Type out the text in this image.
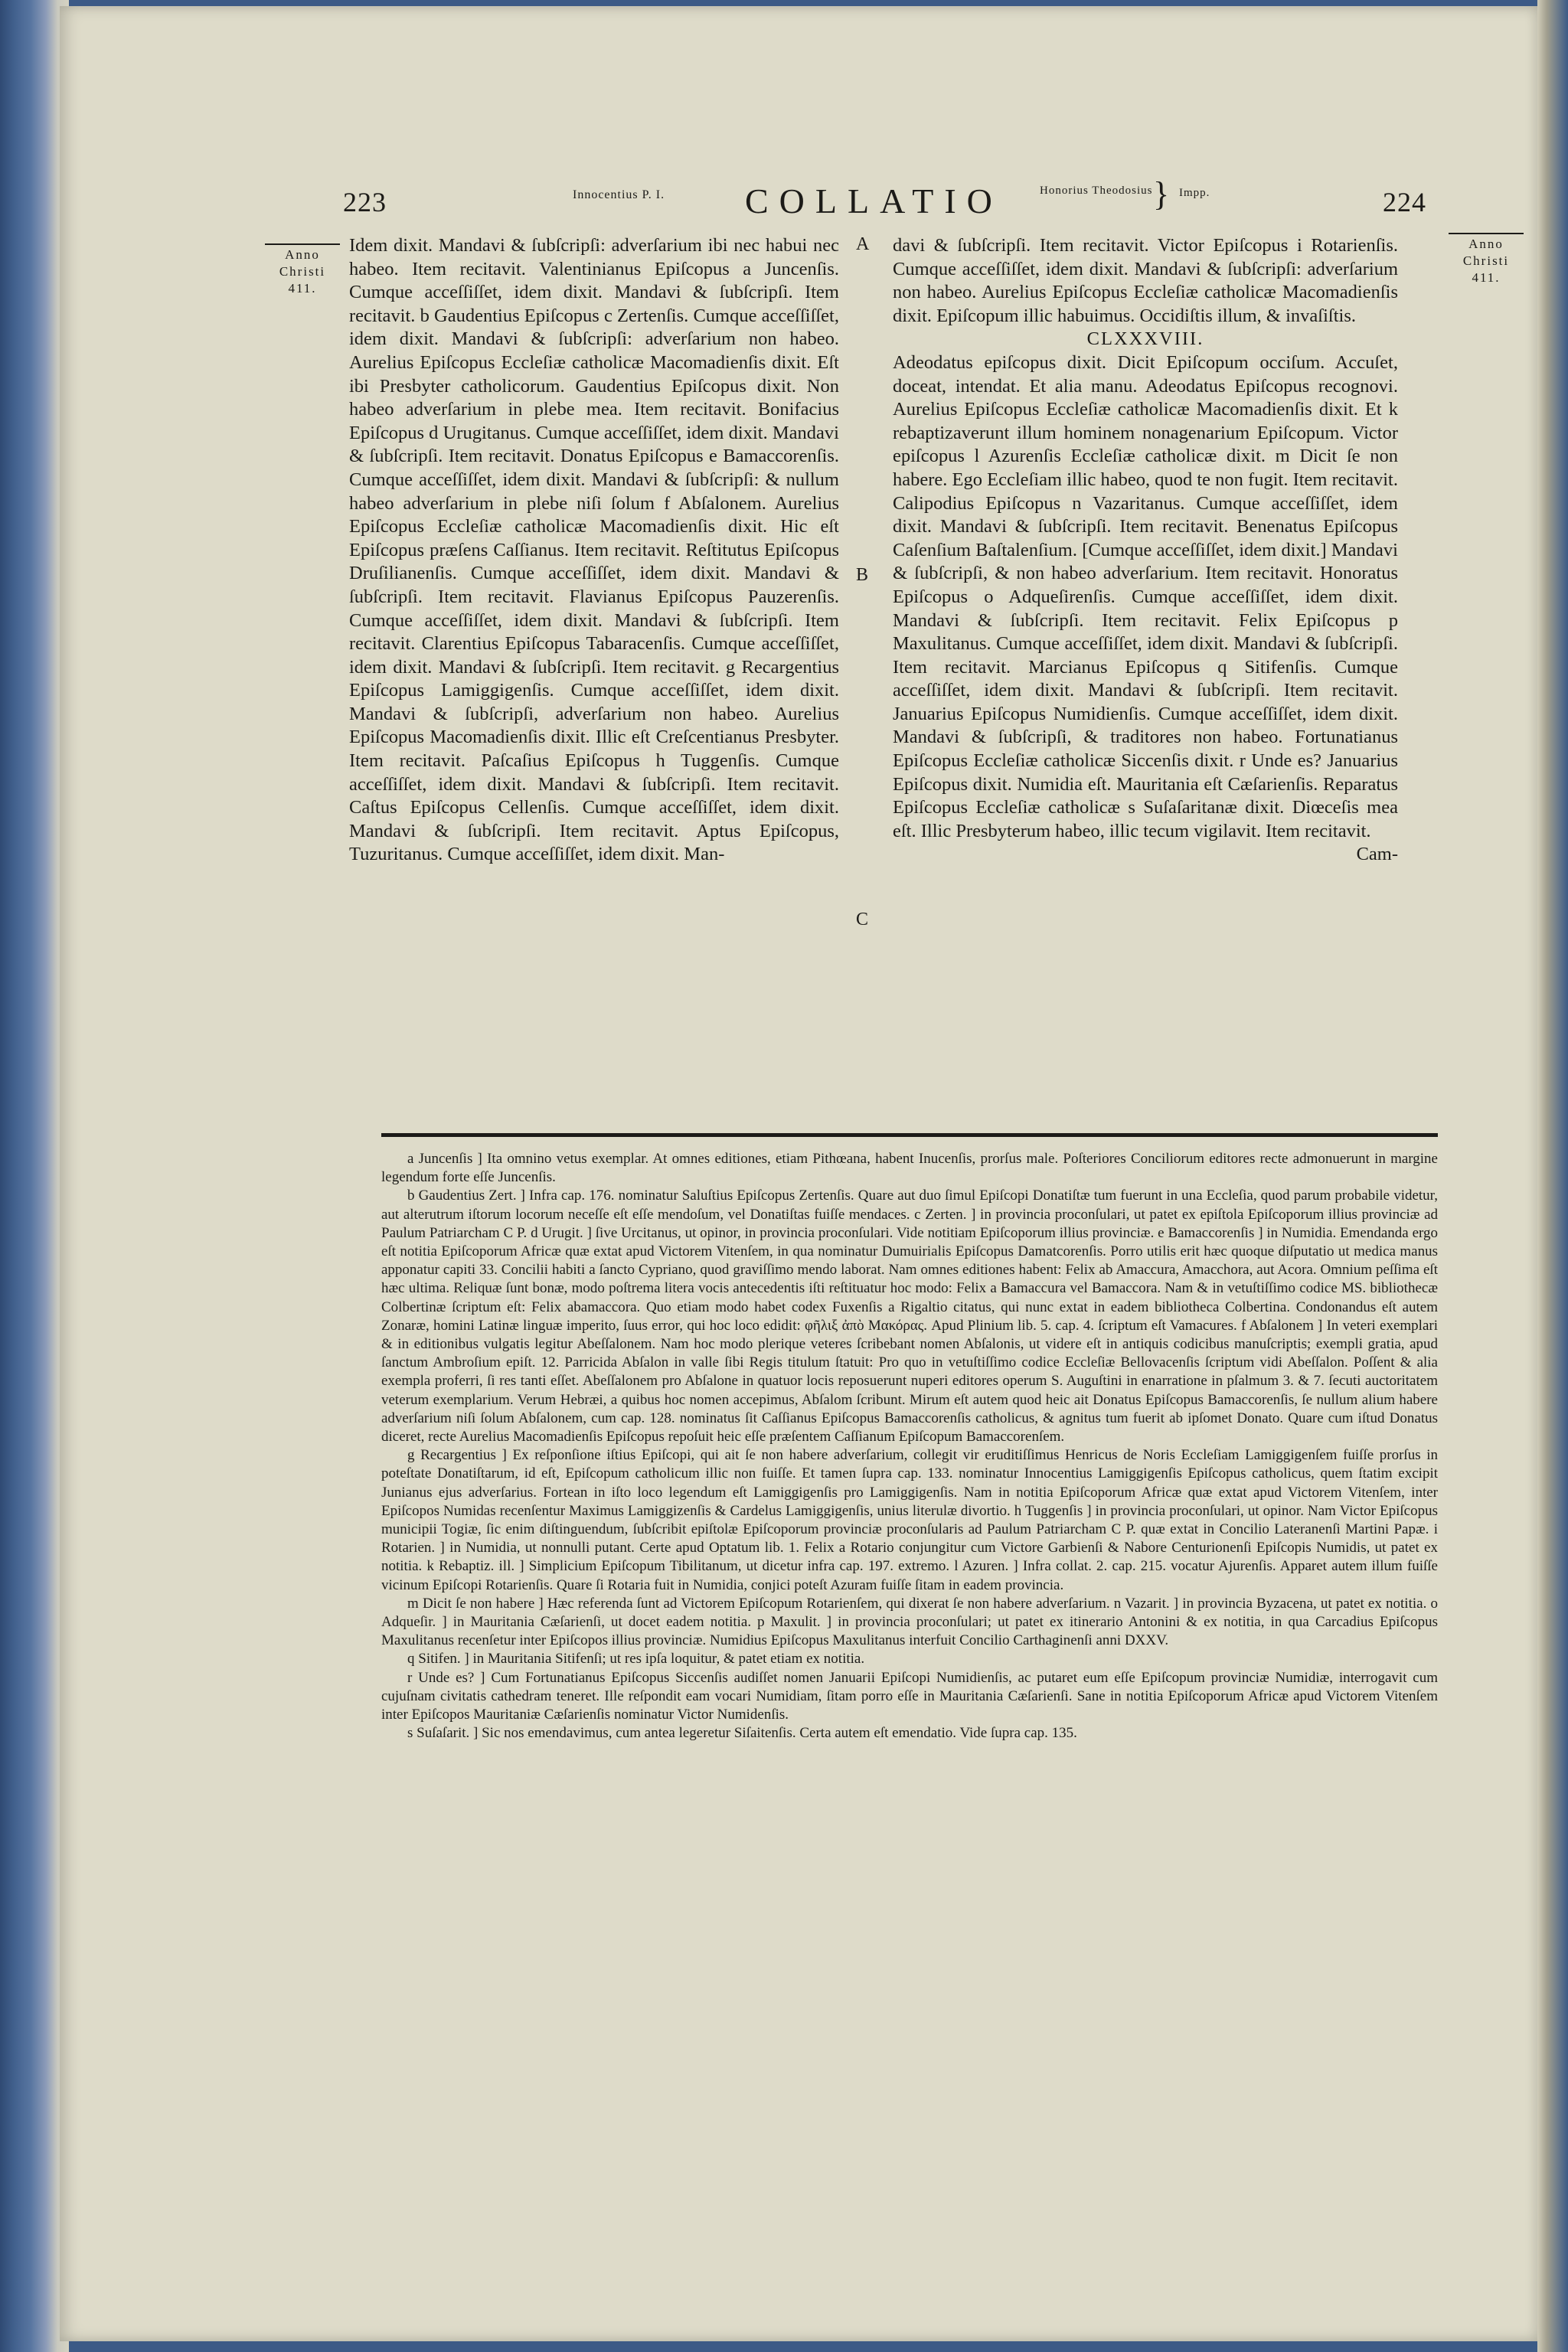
223	Innocentius P. I. COLLATIO	Honorius Theodosius } Impp.	224
Anno
Christi
411.
Anno
Christi
411.

Idem dixit. Mandavi & ſubſcripſi: adverſarium ibi nec habui nec habeo. Item recitavit. Valentinianus Epiſcopus a Juncenſis. Cumque acceſſiſſet, idem dixit. Mandavi & ſubſcripſi. Item recitavit. b Gaudentius Epiſcopus c Zertenſis. Cumque acceſſiſſet, idem dixit. Mandavi & ſubſcripſi: adverſarium non habeo. Aurelius Epiſcopus Eccleſiæ catholicæ Macomadienſis dixit. Eſt ibi Presbyter catholicorum. Gaudentius Epiſcopus dixit. Non habeo adverſarium in plebe mea. Item recitavit. Bonifacius Epiſcopus d Urugitanus. Cumque acceſſiſſet, idem dixit. Mandavi & ſubſcripſi. Item recitavit. Donatus Epiſcopus e Bamaccorenſis. Cumque acceſſiſſet, idem dixit. Mandavi & ſubſcripſi: & nullum habeo adverſarium in plebe niſi ſolum f Abſalonem. Aurelius Epiſcopus Eccleſiæ catholicæ Macomadienſis dixit. Hic eſt Epiſcopus præſens Caſſianus. Item recitavit. Reſtitutus Epiſcopus Druſilianenſis. Cumque acceſſiſſet, idem dixit. Mandavi & ſubſcripſi. Item recitavit. Flavianus Epiſcopus Pauzerenſis. Cumque acceſſiſſet, idem dixit. Mandavi & ſubſcripſi. Item recitavit. Clarentius Epiſcopus Tabaracenſis. Cumque acceſſiſſet, idem dixit. Mandavi & ſubſcripſi. Item recitavit. g Recargentius Epiſcopus Lamiggigenſis. Cumque acceſſiſſet, idem dixit. Mandavi & ſubſcripſi, adverſarium non habeo. Aurelius Epiſcopus Macomadienſis dixit. Illic eſt Creſcentianus Presbyter. Item recitavit. Paſcaſius Epiſcopus h Tuggenſis. Cumque acceſſiſſet, idem dixit. Mandavi & ſubſcripſi. Item recitavit. Caſtus Epiſcopus Cellenſis. Cumque acceſſiſſet, idem dixit. Mandavi & ſubſcripſi. Item recitavit. Aptus Epiſcopus, Tuzuritanus. Cumque acceſſiſſet, idem dixit. Man-

A
B
C

davi & ſubſcripſi. Item recitavit. Victor Epiſcopus i Rotarienſis. Cumque acceſſiſſet, idem dixit. Mandavi & ſubſcripſi: adverſarium non habeo. Aurelius Epiſcopus Eccleſiæ catholicæ Macomadienſis dixit. Epiſcopum illic habuimus. Occidiſtis illum, & invaſiſtis.

CLXXXVIII.

Adeodatus epiſcopus dixit. Dicit Epiſcopum occiſum. Accuſet, doceat, intendat. Et alia manu. Adeodatus Epiſcopus recognovi. Aurelius Epiſcopus Eccleſiæ catholicæ Macomadienſis dixit. Et k rebaptizaverunt illum hominem nonagenarium Epiſcopum. Victor epiſcopus l Azurenſis Eccleſiæ catholicæ dixit. m Dicit ſe non habere. Ego Eccleſiam illic habeo, quod te non fugit. Item recitavit. Calipodius Epiſcopus n Vazaritanus. Cumque acceſſiſſet, idem dixit. Mandavi & ſubſcripſi. Item recitavit. Benenatus Epiſcopus Caſenſium Baſtalenſium. [Cumque acceſſiſſet, idem dixit.] Mandavi & ſubſcripſi, & non habeo adverſarium. Item recitavit. Honoratus Epiſcopus o Adqueſirenſis. Cumque acceſſiſſet, idem dixit. Mandavi & ſubſcripſi. Item recitavit. Felix Epiſcopus p Maxulitanus. Cumque acceſſiſſet, idem dixit. Mandavi & ſubſcripſi. Item recitavit. Marcianus Epiſcopus q Sitifenſis. Cumque acceſſiſſet, idem dixit. Mandavi & ſubſcripſi. Item recitavit. Januarius Epiſcopus Numidienſis. Cumque acceſſiſſet, idem dixit. Mandavi & ſubſcripſi, & traditores non habeo. Fortunatianus Epiſcopus Eccleſiæ catholicæ Siccenſis dixit. r Unde es? Januarius Epiſcopus dixit. Numidia eſt. Mauritania eſt Cæſarienſis. Reparatus Epiſcopus Eccleſiæ catholicæ s Suſaſaritanæ dixit. Diœceſis mea eſt. Illic Presbyterum habeo, illic tecum vigilavit. Item recitavit.

Cam-

a Juncenſis ] Ita omnino vetus exemplar. At omnes editiones, etiam Pithœana, habent Inucenſis, prorſus male. Poſteriores Conciliorum editores recte admonuerunt in margine legendum forte eſſe Juncenſis.

b Gaudentius Zert. ] Infra cap. 176. nominatur Saluſtius Epiſcopus Zertenſis. Quare aut duo ſimul Epiſcopi Donatiſtæ tum fuerunt in una Eccleſia, quod parum probabile videtur, aut alterutrum iſtorum locorum neceſſe eſt eſſe mendoſum, vel Donatiſtas fuiſſe mendaces. c Zerten. ] in provincia proconſulari, ut patet ex epiſtola Epiſcoporum illius provinciæ ad Paulum Patriarcham C P. d Urugit. ] ſive Urcitanus, ut opinor, in provincia proconſulari. Vide notitiam Epiſcoporum illius provinciæ. e Bamaccorenſis ] in Numidia. Emendanda ergo eſt notitia Epiſcoporum Africæ quæ extat apud Victorem Vitenſem, in qua nominatur Dumuirialis Epiſcopus Damatcorenſis. Porro utilis erit hæc quoque diſputatio ut medica manus apponatur capiti 33. Concilii habiti a ſancto Cypriano, quod graviſſimo mendo laborat. Nam omnes editiones habent: Felix ab Amaccura, Amacchora, aut Acora. Omnium peſſima eſt hæc ultima. Reliquæ ſunt bonæ, modo poſtrema litera vocis antecedentis iſti reſtituatur hoc modo: Felix a Bamaccura vel Bamaccora. Nam & in vetuſtiſſimo codice MS. bibliothecæ Colbertinæ ſcriptum eſt: Felix abamaccora. Quo etiam modo habet codex Fuxenſis a Rigaltio citatus, qui nunc extat in eadem bibliotheca Colbertina. Condonandus eſt autem Zonaræ, homini Latinæ linguæ imperito, ſuus error, qui hoc loco edidit: φῆλιξ ἀπὸ Μακόρας. Apud Plinium lib. 5. cap. 4. ſcriptum eſt Vamacures. f Abſalonem ] In veteri exemplari & in editionibus vulgatis legitur Abeſſalonem. Nam hoc modo plerique veteres ſcribebant nomen Abſalonis, ut videre eſt in antiquis codicibus manuſcriptis; exempli gratia, apud ſanctum Ambroſium epiſt. 12. Parricida Abſalon in valle ſibi Regis titulum ſtatuit: Pro quo in vetuſtiſſimo codice Eccleſiæ Bellovacenſis ſcriptum vidi Abeſſalon. Poſſent & alia exempla proferri, ſi res tanti eſſet. Abeſſalonem pro Abſalone in quatuor locis reposuerunt nuperi editores operum S. Auguſtini in enarratione in pſalmum 3. & 7. ſecuti auctoritatem veterum exemplarium. Verum Hebræi, a quibus hoc nomen accepimus, Abſalom ſcribunt. Mirum eſt autem quod heic ait Donatus Epiſcopus Bamaccorenſis, ſe nullum alium habere adverſarium niſi ſolum Abſalonem, cum cap. 128. nominatus ſit Caſſianus Epiſcopus Bamaccorenſis catholicus, & agnitus tum fuerit ab ipſomet Donato. Quare cum iſtud Donatus diceret, recte Aurelius Macomadienſis Epiſcopus repoſuit heic eſſe præſentem Caſſianum Epiſcopum Bamaccorenſem.

g Recargentius ] Ex reſponſione iſtius Epiſcopi, qui ait ſe non habere adverſarium, collegit vir eruditiſſimus Henricus de Noris Eccleſiam Lamiggigenſem fuiſſe prorſus in poteſtate Donatiſtarum, id eſt, Epiſcopum catholicum illic non fuiſſe. Et tamen ſupra cap. 133. nominatur Innocentius Lamiggigenſis Epiſcopus catholicus, quem ſtatim excipit Junianus ejus adverſarius. Fortean in iſto loco legendum eſt Lamiggigenſis pro Lamiggigenſis. Nam in notitia Epiſcoporum Africæ quæ extat apud Victorem Vitenſem, inter Epiſcopos Numidas recenſentur Maximus Lamiggizenſis & Cardelus Lamiggigenſis, unius literulæ divortio. h Tuggenſis ] in provincia proconſulari, ut opinor. Nam Victor Epiſcopus municipii Togiæ, ſic enim diſtinguendum, ſubſcribit epiſtolæ Epiſcoporum provinciæ proconſularis ad Paulum Patriarcham C P. quæ extat in Concilio Lateranenſi Martini Papæ. i Rotarien. ] in Numidia, ut nonnulli putant. Certe apud Optatum lib. 1. Felix a Rotario conjungitur cum Victore Garbienſi & Nabore Centurionenſi Epiſcopis Numidis, ut patet ex notitia. k Rebaptiz. ill. ] Simplicium Epiſcopum Tibilitanum, ut dicetur infra cap. 197. extremo. l Azuren. ] Infra collat. 2. cap. 215. vocatur Ajurenſis. Apparet autem illum fuiſſe vicinum Epiſcopi Rotarienſis. Quare ſi Rotaria fuit in Numidia, conjici poteſt Azuram fuiſſe ſitam in eadem provincia.

m Dicit ſe non habere ] Hæc referenda ſunt ad Victorem Epiſcopum Rotarienſem, qui dixerat ſe non habere adverſarium. n Vazarit. ] in provincia Byzacena, ut patet ex notitia. o Adqueſir. ] in Mauritania Cæſarienſi, ut docet eadem notitia. p Maxulit. ] in provincia proconſulari; ut patet ex itinerario Antonini & ex notitia, in qua Carcadius Epiſcopus Maxulitanus recenſetur inter Epiſcopos illius provinciæ. Numidius Epiſcopus Maxulitanus interfuit Concilio Carthaginenſi anni DXXV.

q Sitifen. ] in Mauritania Sitifenſi; ut res ipſa loquitur, & patet etiam ex notitia.

r Unde es? ] Cum Fortunatianus Epiſcopus Siccenſis audiſſet nomen Januarii Epiſcopi Numidienſis, ac putaret eum eſſe Epiſcopum provinciæ Numidiæ, interrogavit cum cujuſnam civitatis cathedram teneret. Ille reſpondit eam vocari Numidiam, ſitam porro eſſe in Mauritania Cæſarienſi. Sane in notitia Epiſcoporum Africæ apud Victorem Vitenſem inter Epiſcopos Mauritaniæ Cæſarienſis nominatur Victor Numidenſis.

s Suſaſarit. ] Sic nos emendavimus, cum antea legeretur Siſaitenſis. Certa autem eſt emendatio. Vide ſupra cap. 135.
